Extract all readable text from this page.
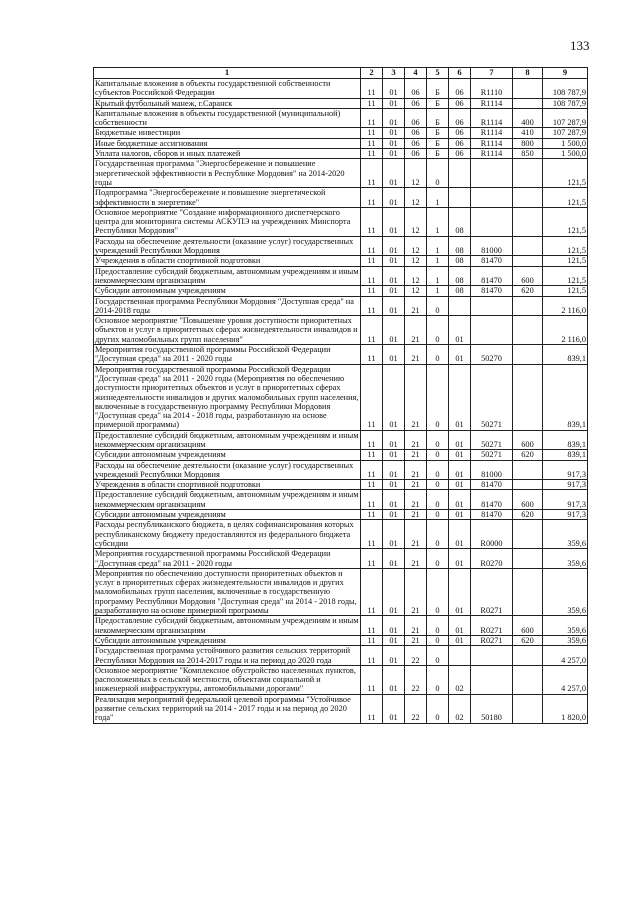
133
1	2	3	4	5	6	7	8	9
Капитальные вложения в объекты государственной собственности субъектов Российской Федерации	11	01	06	Б	06	R1110		108 787,9
Крытый футбольный манеж, г.Саранск	11	01	06	Б	06	R1114		108 787,9
Капитальные вложения в объекты государственной (муниципальной) собственности	11	01	06	Б	06	R1114	400	107 287,9
Бюджетные инвестиции	11	01	06	Б	06	R1114	410	107 287,9
Иные бюджетные ассигнования	11	01	06	Б	06	R1114	800	1 500,0
Уплата налогов, сборов и иных платежей	11	01	06	Б	06	R1114	850	1 500,0
Государственная программа "Энергосбережение и повышение энергетической эффективности в Республике Мордовия" на 2014-2020 годы	11	01	12	0				121,5
Подпрограмма "Энергосбережение и повышение энергетической эффективности в энергетике"	11	01	12	1				121,5
Основное мероприятие "Создание информационного диспетчерского центра для мониторинга системы АСКУПЭ на учреждениях Минспорта Республики Мордовия"	11	01	12	1	08			121,5
Расходы на обеспечение деятельности (оказание услуг) государственных учреждений Республики Мордовия	11	01	12	1	08	81000		121,5
Учреждения в области спортивной подготовки	11	01	12	1	08	81470		121,5
Предоставление субсидий бюджетным, автономным учреждениям и иным некоммерческим организациям	11	01	12	1	08	81470	600	121,5
Субсидии автономным учреждениям	11	01	12	1	08	81470	620	121,5
Государственная программа Республики Мордовия "Доступная среда" на 2014-2018 годы	11	01	21	0				2 116,0
Основное мероприятие "Повышение уровня доступности приоритетных объектов и услуг в приоритетных сферах жизнедеятельности инвалидов и других маломобильных групп населения"	11	01	21	0	01			2 116,0
Мероприятия государственной программы Российской Федерации "Доступная среда" на 2011 - 2020 годы	11	01	21	0	01	50270		839,1
Мероприятия государственной программы Российской Федерации "Доступная среда" на 2011 - 2020 годы (Мероприятия по обеспечению доступности приоритетных объектов и услуг в приоритетных сферах жизнедеятельности инвалидов и других маломобильных групп населения, включенные в государственную программу Республики Мордовия "Доступная среда" на 2014 - 2018 годы, разработанную на основе примерной программы)	11	01	21	0	01	50271		839,1
Предоставление субсидий бюджетным, автономным учреждениям и иным некоммерческим организациям	11	01	21	0	01	50271	600	839,1
Субсидии автономным учреждениям	11	01	21	0	01	50271	620	839,1
Расходы на обеспечение деятельности (оказание услуг) государственных учреждений Республики Мордовия	11	01	21	0	01	81000		917,3
Учреждения в области спортивной подготовки	11	01	21	0	01	81470		917,3
Предоставление субсидий бюджетным, автономным учреждениям и иным некоммерческим организациям	11	01	21	0	01	81470	600	917,3
Субсидии автономным учреждениям	11	01	21	0	01	81470	620	917,3
Расходы республиканского бюджета, в целях софинансирования которых республиканскому бюджету предоставляются из федерального бюджета субсидии	11	01	21	0	01	R0000		359,6
Мероприятия государственной программы Российской Федерации "Доступная среда" на 2011 - 2020 годы	11	01	21	0	01	R0270		359,6
Мероприятия по обеспечению доступности приоритетных объектов и услуг в приоритетных сферах жизнедеятельности инвалидов и других маломобильных групп населения, включенные в государственную программу Республики Мордовия "Доступная среда" на 2014 - 2018 годы, разработанную на основе примерной программы	11	01	21	0	01	R0271		359,6
Предоставление субсидий бюджетным, автономным учреждениям и иным некоммерческим организациям	11	01	21	0	01	R0271	600	359,6
Субсидии автономным учреждениям	11	01	21	0	01	R0271	620	359,6
Государственная программа устойчивого развития сельских территорий Республики Мордовия на 2014-2017 годы и на период до 2020 года	11	01	22	0				4 257,0
Основное мероприятие "Комплексное обустройство населенных пунктов, расположенных в сельской местности, объектами социальной и инженерной инфраструктуры, автомобильными дорогами"	11	01	22	0	02			4 257,0
Реализация мероприятий федеральной целевой программы "Устойчивое развитие сельских территорий на 2014 - 2017 годы и на период до 2020 года"	11	01	22	0	02	50180		1 820,0
